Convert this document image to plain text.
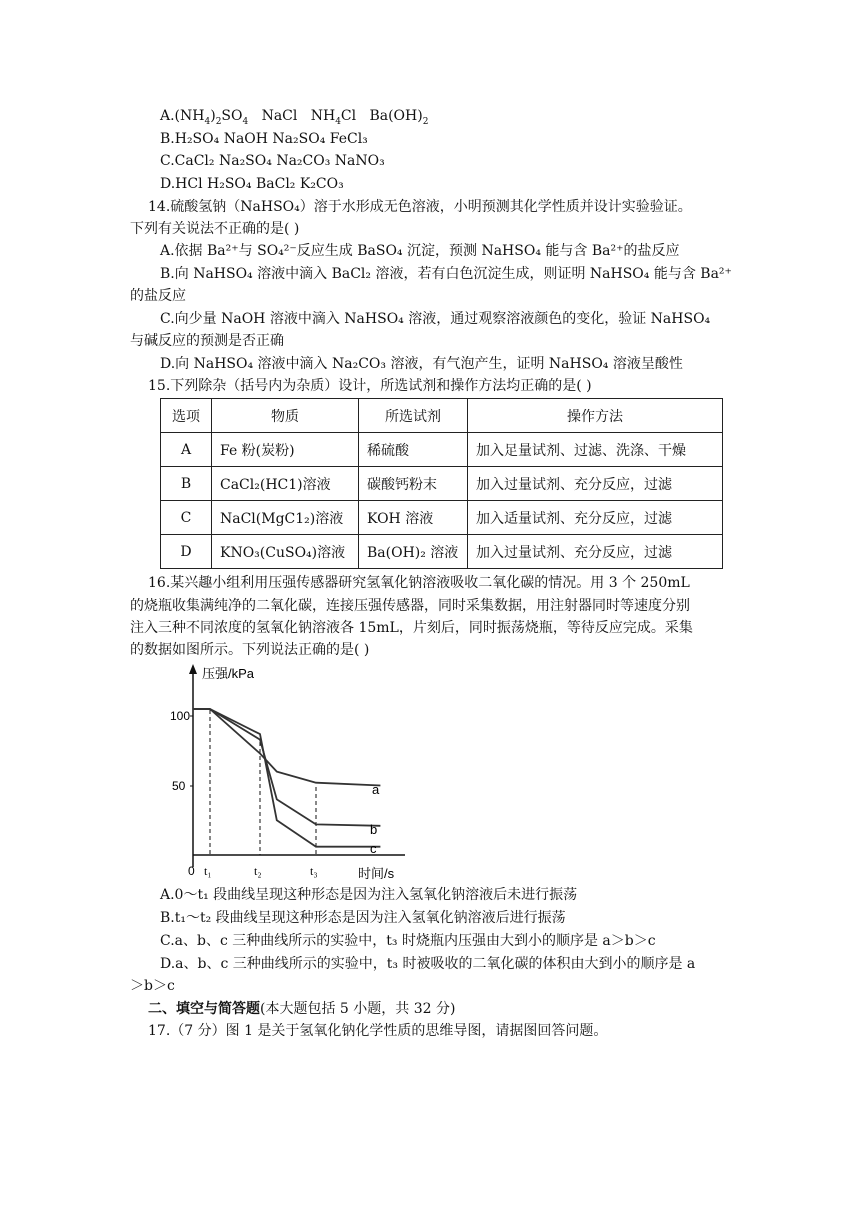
$A.(NH_4)_2SO_4$   NaCl   $NH_4Cl$   $Ba(OH)_2$
B.H₂SO₄ NaOH Na₂SO₄ FeCl₃
C.CaCl₂ Na₂SO₄ Na₂CO₃ NaNO₃
D.HCl H₂SO₄ BaCl₂ K₂CO₃
14.硫酸氢钠（NaHSO₄）溶于水形成无色溶液，小明预测其化学性质并设计实验验证。
下列有关说法不正确的是( )
A.依据 Ba²⁺与 SO₄²⁻反应生成 BaSO₄ 沉淀，预测 NaHSO₄ 能与含 Ba²⁺的盐反应
B.向 NaHSO₄ 溶液中滴入 BaCl₂ 溶液，若有白色沉淀生成，则证明 NaHSO₄ 能与含 Ba²⁺
的盐反应
C.向少量 NaOH 溶液中滴入 NaHSO₄ 溶液，通过观察溶液颜色的变化，验证 NaHSO₄
与碱反应的预测是否正确
D.向 NaHSO₄ 溶液中滴入 Na₂CO₃ 溶液，有气泡产生，证明 NaHSO₄ 溶液呈酸性
15.下列除杂（括号内为杂质）设计，所选试剂和操作方法均正确的是( )
选项	物质	所选试剂	操作方法
A	Fe 粉(炭粉)	稀硫酸	加入足量试剂、过滤、洗涤、干燥
B	CaCl₂(HC1)溶液	碳酸钙粉末	加入过量试剂、充分反应，过滤
C	NaCl(MgC1₂)溶液	KOH 溶液	加入适量试剂、充分反应，过滤
D	KNO₃(CuSO₄)溶液	Ba(OH)₂ 溶液	加入过量试剂、充分反应，过滤
16.某兴趣小组利用压强传感器研究氢氧化钠溶液吸收二氧化碳的情况。用 3 个 250mL
的烧瓶收集满纯净的二氧化碳，连接压强传感器，同时采集数据，用注射器同时等速度分别
注入三种不同浓度的氢氧化钠溶液各 15mL，片刻后，同时振荡烧瓶，等待反应完成。采集
的数据如图所示。下列说法正确的是( )
压强/kPa
时间/s
100
50
0 t₁	t₂	t₃
a
b
c
A.0～t₁ 段曲线呈现这种形态是因为注入氢氧化钠溶液后未进行振荡
B.t₁～t₂ 段曲线呈现这种形态是因为注入氢氧化钠溶液后进行振荡
C.a、b、c 三种曲线所示的实验中，t₃ 时烧瓶内压强由大到小的顺序是 a＞b＞c
D.a、b、c 三种曲线所示的实验中，t₃ 时被吸收的二氧化碳的体积由大到小的顺序是 a
＞b＞c
二、填空与简答题(本大题包括 5 小题，共 32 分)
17.（7 分）图 1 是关于氢氧化钠化学性质的思维导图，请据图回答问题。
